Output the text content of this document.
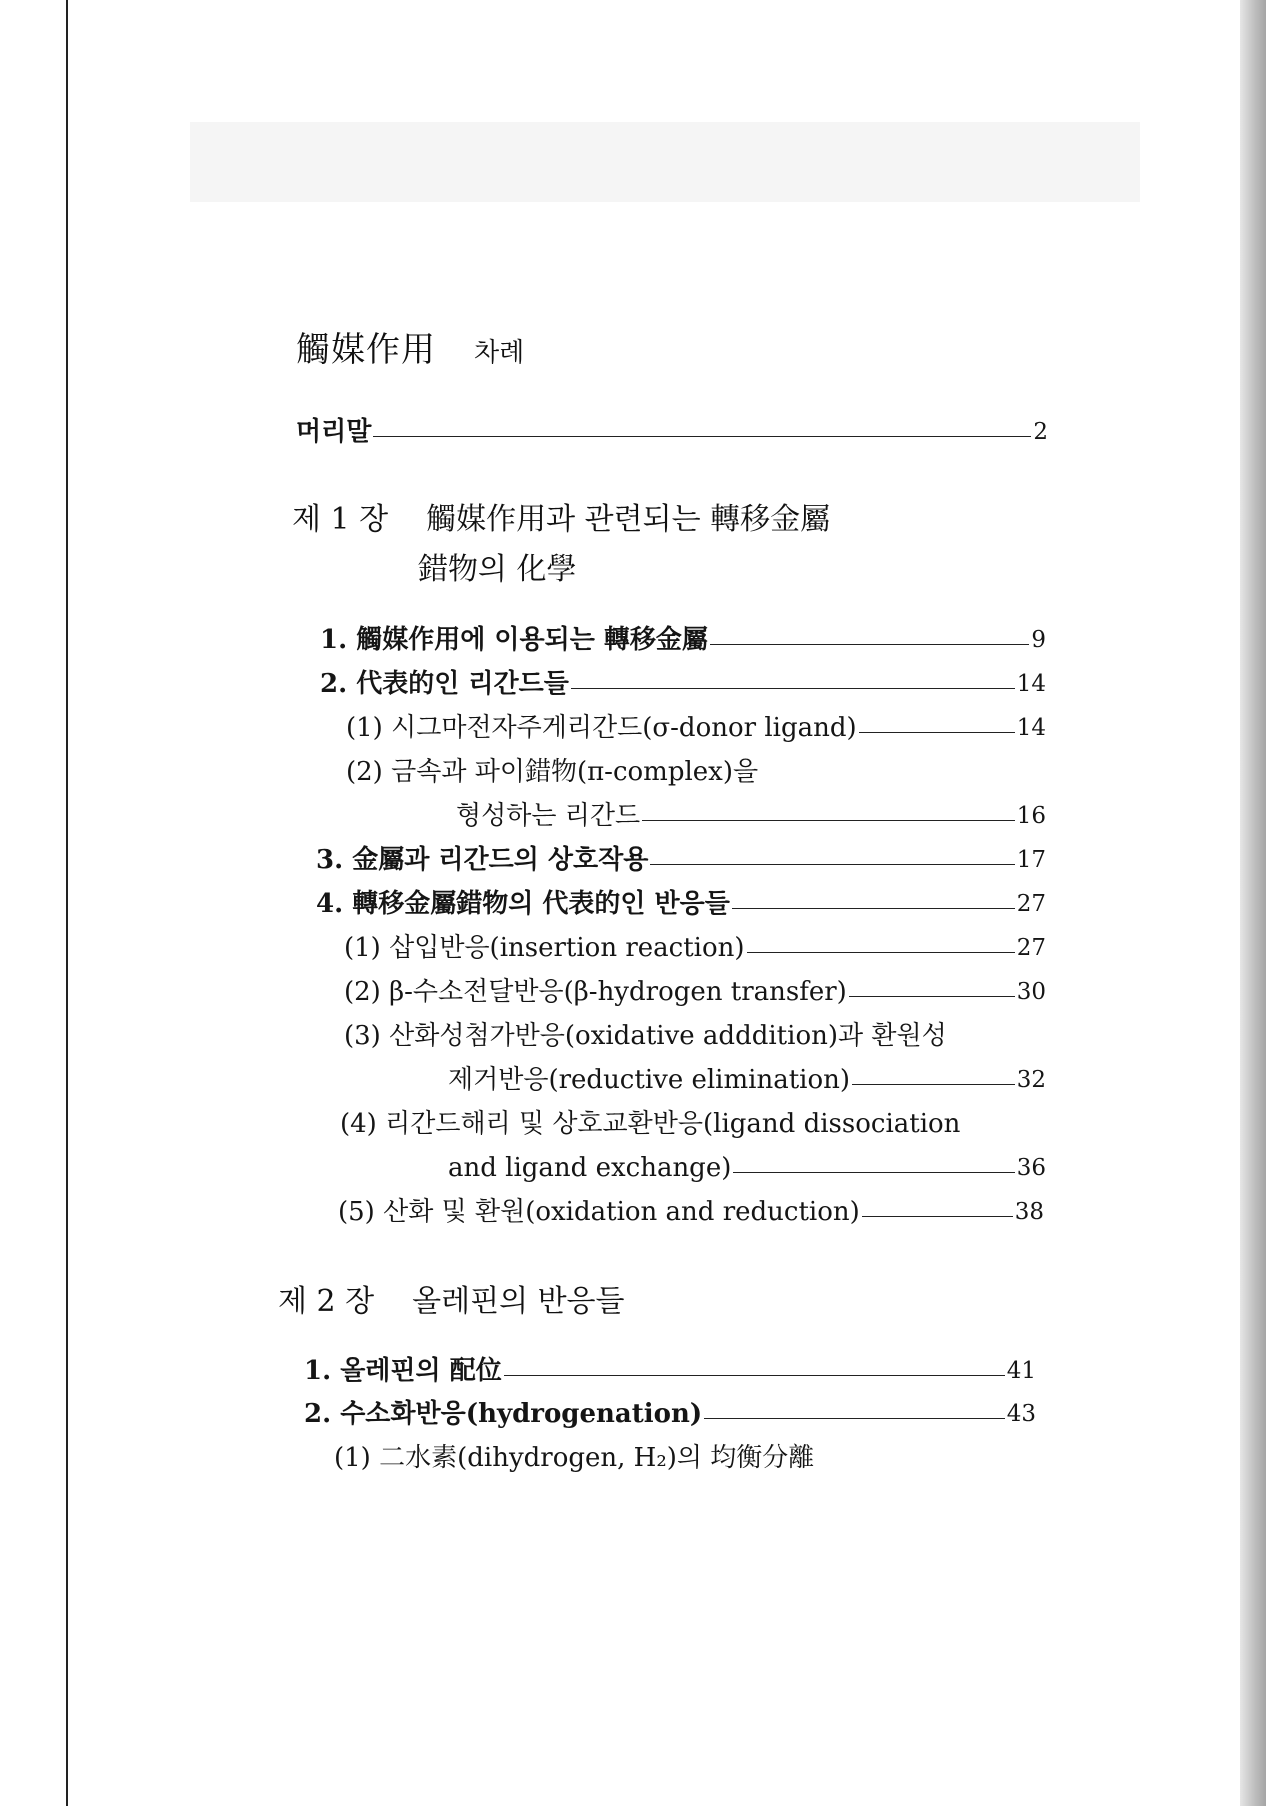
觸媒作用 차례
머리말	2
제 1 장 觸媒作用과 관련되는 轉移金屬
錯物의 化學
1. 觸媒作用에 이용되는 轉移金屬	9
2. 代表的인 리간드들	14
(1) 시그마전자주게리간드(σ-donor ligand)	14
(2) 금속과 파이錯物(π-complex)을
형성하는 리간드	16
3. 金屬과 리간드의 상호작용	17
4. 轉移金屬錯物의 代表的인 반응들	27
(1) 삽입반응(insertion reaction)	27
(2) β-수소전달반응(β-hydrogen transfer)	30
(3) 산화성첨가반응(oxidative adddition)과 환원성
제거반응(reductive elimination)	32
(4) 리간드해리 및 상호교환반응(ligand dissociation
and ligand exchange)	36
(5) 산화 및 환원(oxidation and reduction)	38
제 2 장 올레핀의 반응들
1. 올레핀의 配位	41
2. 수소화반응(hydrogenation)	43
(1) 二水素(dihydrogen, H₂)의 均衡分離
